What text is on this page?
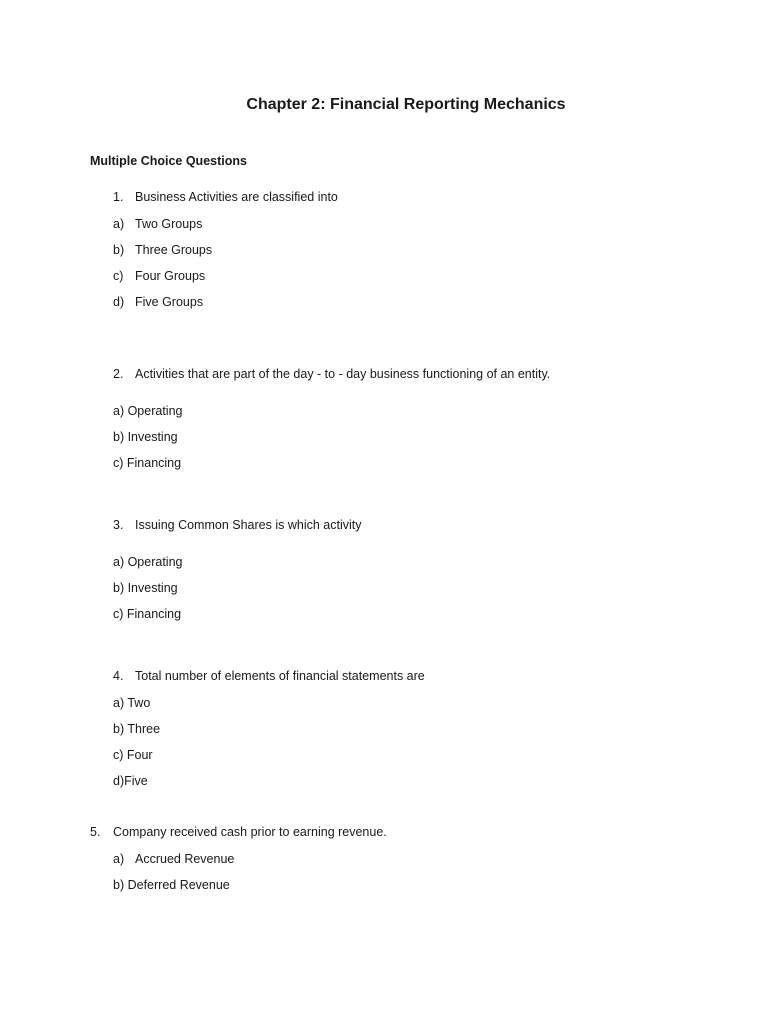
Chapter 2: Financial Reporting Mechanics
Multiple Choice Questions
1. Business Activities are classified into
a) Two Groups
b) Three Groups
c) Four Groups
d) Five Groups
2. Activities that are part of the day - to - day business functioning of an entity.
a) Operating
b) Investing
c) Financing
3. Issuing Common Shares is which activity
a) Operating
b) Investing
c) Financing
4. Total number of elements of financial statements are
a) Two
b) Three
c) Four
d)Five
5. Company received cash prior to earning revenue.
a) Accrued Revenue
b) Deferred Revenue
